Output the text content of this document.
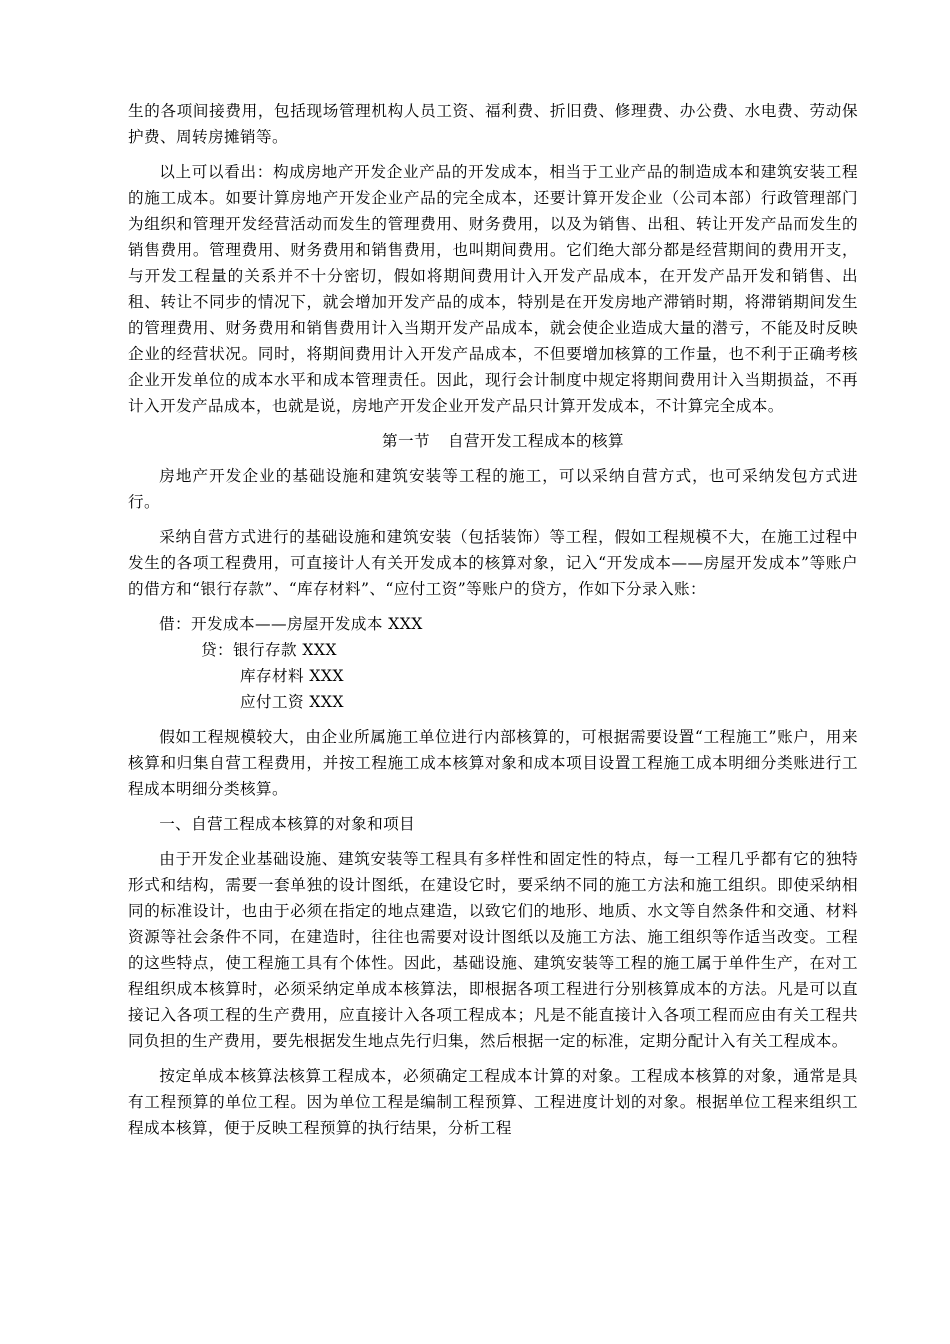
生的各项间接费用，包括现场管理机构人员工资、福利费、折旧费、修理费、办公费、水电费、劳动保护费、周转房摊销等。

以上可以看出：构成房地产开发企业产品的开发成本，相当于工业产品的制造成本和建筑安装工程的施工成本。如要计算房地产开发企业产品的完全成本，还要计算开发企业（公司本部）行政管理部门为组织和管理开发经营活动而发生的管理费用、财务费用，以及为销售、出租、转让开发产品而发生的销售费用。管理费用、财务费用和销售费用，也叫期间费用。它们绝大部分都是经营期间的费用开支，与开发工程量的关系并不十分密切，假如将期间费用计入开发产品成本，在开发产品开发和销售、出租、转让不同步的情况下，就会增加开发产品的成本，特别是在开发房地产滞销时期，将滞销期间发生的管理费用、财务费用和销售费用计入当期开发产品成本，就会使企业造成大量的潜亏，不能及时反映企业的经营状况。同时，将期间费用计入开发产品成本，不但要增加核算的工作量，也不利于正确考核企业开发单位的成本水平和成本管理责任。因此，现行会计制度中规定将期间费用计入当期损益，不再计入开发产品成本，也就是说，房地产开发企业开发产品只计算开发成本，不计算完全成本。

第一节 自营开发工程成本的核算

房地产开发企业的基础设施和建筑安装等工程的施工，可以采纳自营方式，也可采纳发包方式进行。

采纳自营方式进行的基础设施和建筑安装（包括装饰）等工程，假如工程规模不大，在施工过程中发生的各项工程费用，可直接计人有关开发成本的核算对象，记入“开发成本——房屋开发成本”等账户的借方和“银行存款”、“库存材料”、“应付工资”等账户的贷方，作如下分录入账：

借：开发成本——房屋开发成本 XXX

贷：银行存款 XXX

库存材料 XXX

应付工资 XXX

假如工程规模较大，由企业所属施工单位进行内部核算的，可根据需要设置“工程施工”账户，用来核算和归集自营工程费用，并按工程施工成本核算对象和成本项目设置工程施工成本明细分类账进行工程成本明细分类核算。

一、自营工程成本核算的对象和项目

由于开发企业基础设施、建筑安装等工程具有多样性和固定性的特点，每一工程几乎都有它的独特形式和结构，需要一套单独的设计图纸，在建设它时，要采纳不同的施工方法和施工组织。即使采纳相同的标准设计，也由于必须在指定的地点建造，以致它们的地形、地质、水文等自然条件和交通、材料资源等社会条件不同，在建造时，往往也需要对设计图纸以及施工方法、施工组织等作适当改变。工程的这些特点，使工程施工具有个体性。因此，基础设施、建筑安装等工程的施工属于单件生产，在对工程组织成本核算时，必须采纳定单成本核算法，即根据各项工程进行分别核算成本的方法。凡是可以直接记入各项工程的生产费用，应直接计入各项工程成本；凡是不能直接计入各项工程而应由有关工程共同负担的生产费用，要先根据发生地点先行归集，然后根据一定的标准，定期分配计入有关工程成本。

按定单成本核算法核算工程成本，必须确定工程成本计算的对象。工程成本核算的对象，通常是具有工程预算的单位工程。因为单位工程是编制工程预算、工程进度计划的对象。根据单位工程来组织工程成本核算，便于反映工程预算的执行结果，分析工程
